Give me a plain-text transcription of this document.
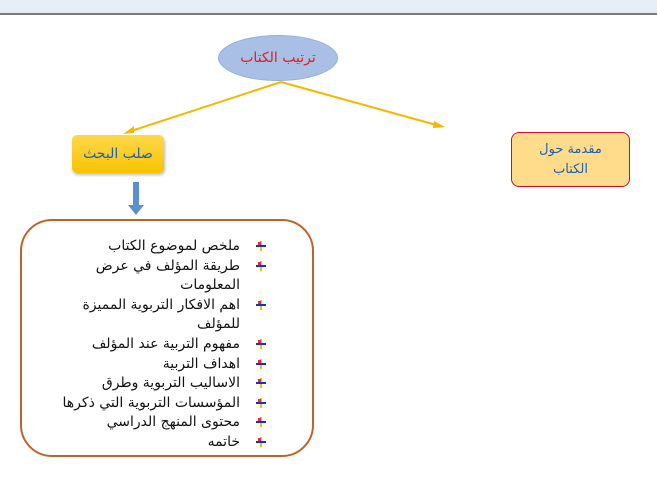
ترتيب الكتاب
صلب البحث	مقدمة حول الكتاب
ملخص لموضوع الكتاب
طريقة المؤلف في عرض المعلومات
اهم الافكار التربوية المميزة للمؤلف
مفهوم التربية عند المؤلف
اهداف التربية
الاساليب التربوية وطرق
المؤسسات التربوية التي ذكرها
محتوى المنهج الدراسي
خاتمه
